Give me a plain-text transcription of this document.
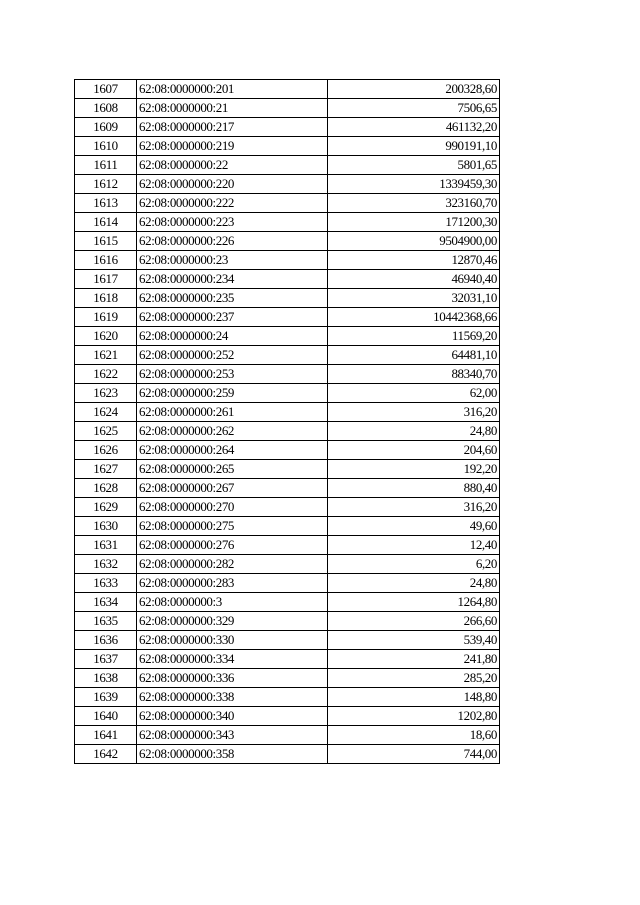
1607	62:08:0000000:201	200328,60
1608	62:08:0000000:21	7506,65
1609	62:08:0000000:217	461132,20
1610	62:08:0000000:219	990191,10
1611	62:08:0000000:22	5801,65
1612	62:08:0000000:220	1339459,30
1613	62:08:0000000:222	323160,70
1614	62:08:0000000:223	171200,30
1615	62:08:0000000:226	9504900,00
1616	62:08:0000000:23	12870,46
1617	62:08:0000000:234	46940,40
1618	62:08:0000000:235	32031,10
1619	62:08:0000000:237	10442368,66
1620	62:08:0000000:24	11569,20
1621	62:08:0000000:252	64481,10
1622	62:08:0000000:253	88340,70
1623	62:08:0000000:259	62,00
1624	62:08:0000000:261	316,20
1625	62:08:0000000:262	24,80
1626	62:08:0000000:264	204,60
1627	62:08:0000000:265	192,20
1628	62:08:0000000:267	880,40
1629	62:08:0000000:270	316,20
1630	62:08:0000000:275	49,60
1631	62:08:0000000:276	12,40
1632	62:08:0000000:282	6,20
1633	62:08:0000000:283	24,80
1634	62:08:0000000:3	1264,80
1635	62:08:0000000:329	266,60
1636	62:08:0000000:330	539,40
1637	62:08:0000000:334	241,80
1638	62:08:0000000:336	285,20
1639	62:08:0000000:338	148,80
1640	62:08:0000000:340	1202,80
1641	62:08:0000000:343	18,60
1642	62:08:0000000:358	744,00
